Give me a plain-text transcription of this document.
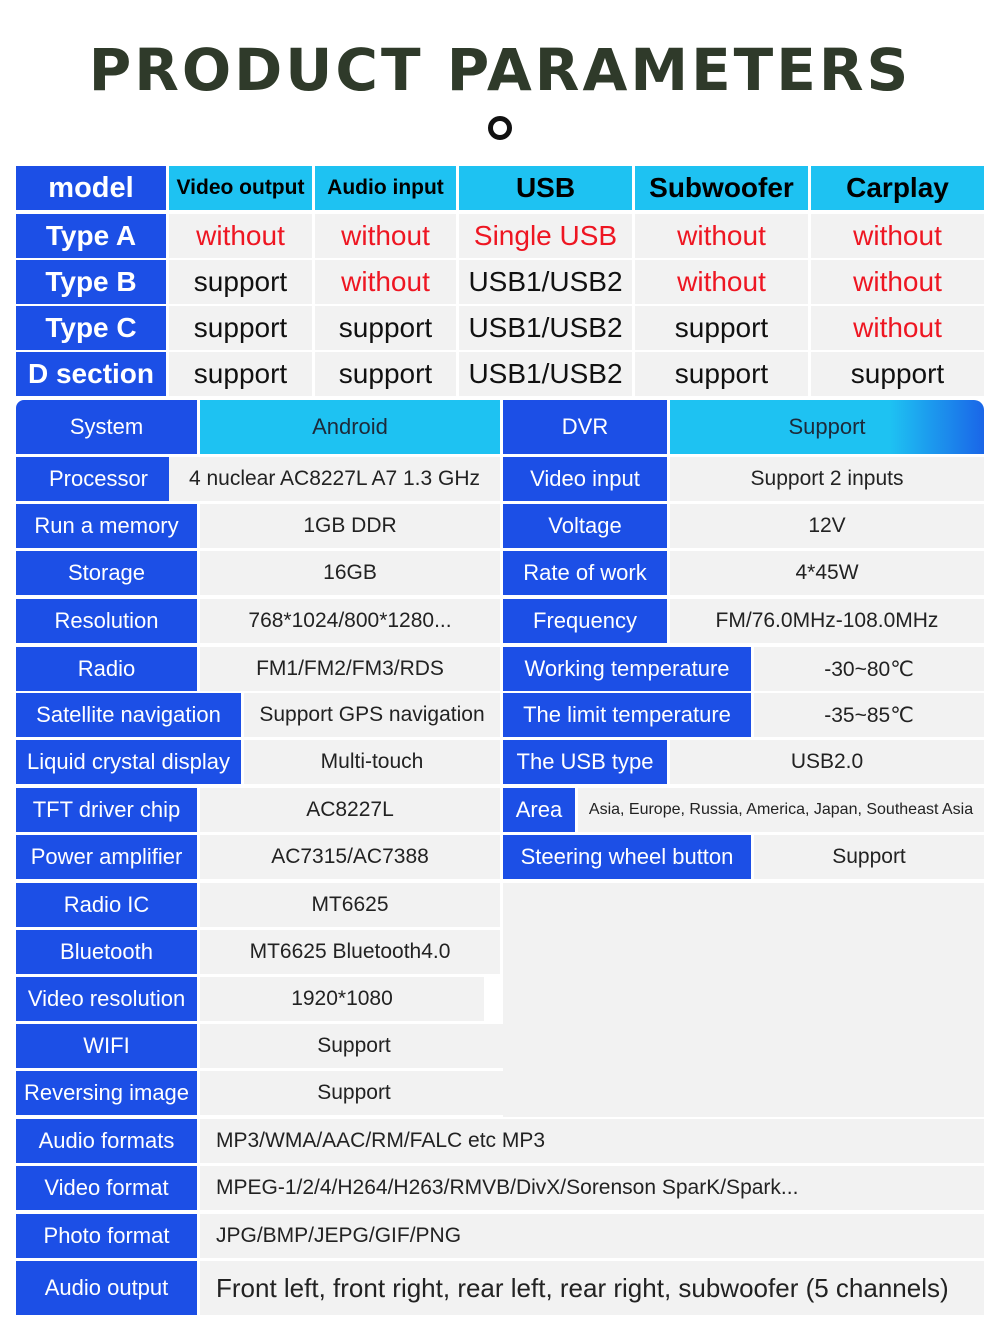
PRODUCT PARAMETERS
model	Video output	Audio input	USB	Subwoofer	Carplay
Type A	without	without	Single USB	without	without
Type B	support	without	USB1/USB2	without	without
Type C	support	support	USB1/USB2	support	without
D section	support	support	USB1/USB2	support	support
System	Android
Processor	4 nuclear AC8227L A7 1.3 GHz
Run a memory	1GB DDR
Storage	16GB
Resolution	768*1024/800*1280...
Radio	FM1/FM2/FM3/RDS
Satellite navigation	Support GPS navigation
Liquid crystal display	Multi-touch
TFT driver chip	AC8227L
Power amplifier	AC7315/AC7388
Radio IC	MT6625
Bluetooth	MT6625 Bluetooth4.0
Video resolution	1920*1080
WIFI	Support
Reversing image	Support
Audio formats	MP3/WMA/AAC/RM/FALC etc MP3
Video format	MPEG-1/2/4/H264/H263/RMVB/DivX/Sorenson SparK/Spark...
Photo format	JPG/BMP/JEPG/GIF/PNG
Audio output	Front left, front right, rear left, rear right, subwoofer (5 channels)
DVR	Support
Video input	Support 2 inputs
Voltage	12V
Rate of work	4*45W
Frequency	FM/76.0MHz-108.0MHz
Working temperature	-30~80℃
The limit temperature	-35~85℃
The USB type	USB2.0
Area	Asia, Europe, Russia, America, Japan, Southeast Asia
Steering wheel button	Support
